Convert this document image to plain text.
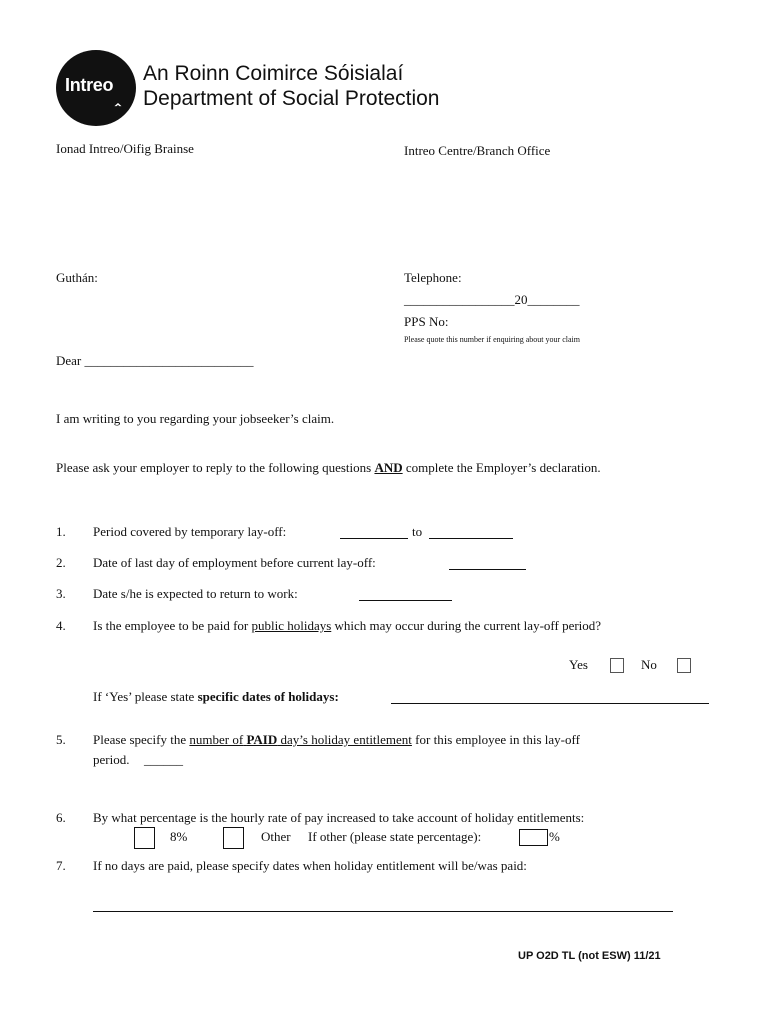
Intreo
‸
An Roinn Coimirce Sóisialaí
Department of Social Protection
Ionad Intreo/Oifig Brainse	Intreo Centre/Branch Office
Guthán:	Telephone:
_________________20________
PPS No:
Please quote this number if enquiring about your claim
Dear __________________________
I am writing to you regarding your jobseeker’s claim.
Please ask your employer to reply to the following questions AND complete the Employer’s declaration.
1. Period covered by temporary lay-off:	to
2. Date of last day of employment before current lay-off:
3. Date s/he is expected to return to work:
4. Is the employee to be paid for public holidays which may occur during the current lay-off period?
Yes	No
If ‘Yes’ please state specific dates of holidays:
5. Please specify the number of PAID day’s holiday entitlement for this employee in this lay-off
period. ______
6. By what percentage is the hourly rate of pay increased to take account of holiday entitlements:
8%	Other If other (please state percentage):	%
7. If no days are paid, please specify dates when holiday entitlement will be/was paid:
UP O2D TL (not ESW) 11/21
